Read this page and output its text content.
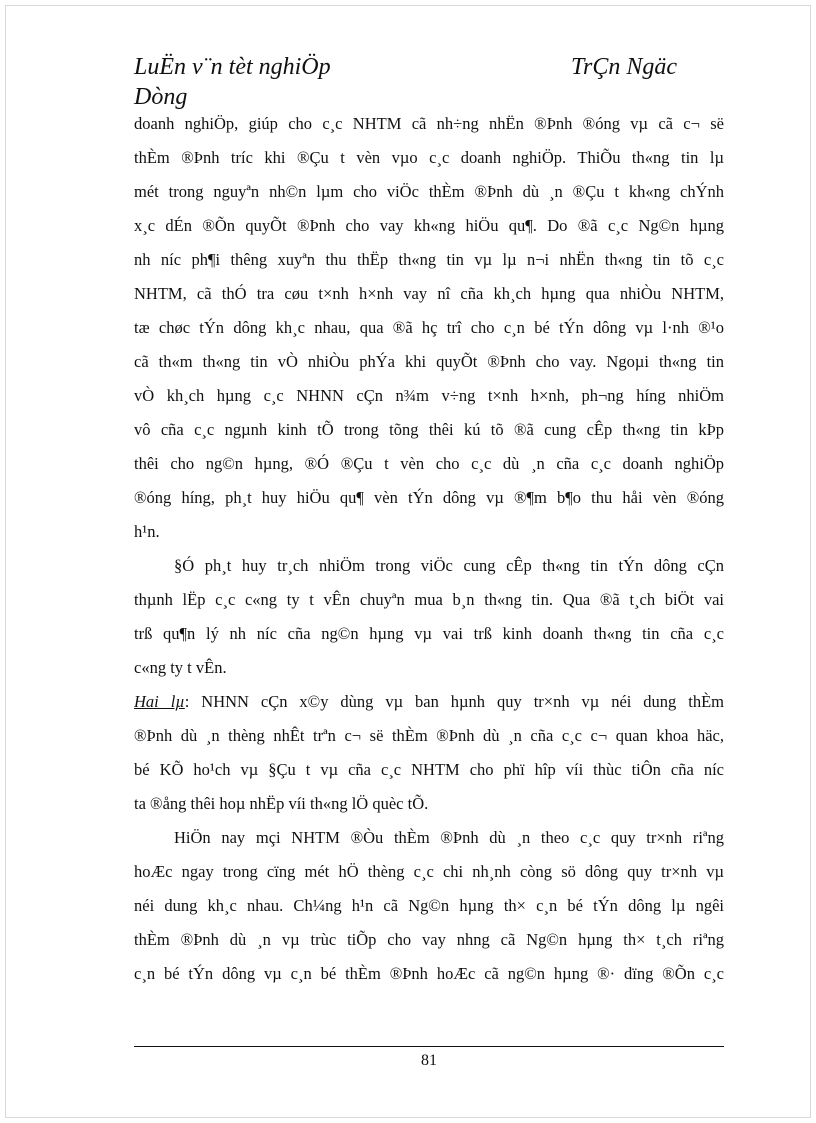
LuËn v¨n tèt nghiÖp	TrÇn Ngäc
Dòng
doanh nghiÖp, giúp cho c¸c NHTM cã nh÷ng nhËn ®Þnh ®óng vµ cã c¬ së
thÈm ®Þnh tríc khi ®Çu t vèn vµo c¸c doanh nghiÖp. ThiÕu th«ng tin lµ
mét trong nguyªn nh©n lµm cho viÖc thÈm ®Þnh dù ¸n ®Çu t kh«ng chÝnh
x¸c dÉn ®Õn quyÕt ®Þnh cho vay kh«ng hiÖu qu¶. Do ®ã c¸c Ng©n hµng
nh níc ph¶i thêng xuyªn thu thËp th«ng tin vµ lµ n¬i nhËn th«ng tin tõ c¸c
NHTM, cã thÓ tra cøu t×nh h×nh vay nî cña kh¸ch hµng qua nhiÒu NHTM,
tæ chøc tÝn dông kh¸c nhau, qua ®ã hç trî cho c¸n bé tÝn dông vµ l·nh ®¹o
cã th«m th«ng tin vÒ nhiÒu phÝa khi quyÕt ®Þnh cho vay. Ngoµi th«ng tin
vÒ kh¸ch hµng c¸c NHNN cÇn n¾m v÷ng t×nh h×nh, ph¬ng híng nhiÖm
vô cña c¸c ngµnh kinh tÕ trong tõng thêi kú tõ ®ã cung cÊp th«ng tin kÞp
thêi cho ng©n hµng, ®Ó ®Çu t vèn cho c¸c dù ¸n cña c¸c doanh nghiÖp
®óng híng, ph¸t huy hiÖu qu¶ vèn tÝn dông vµ ®¶m b¶o thu håi vèn ®óng
h¹n.
§Ó ph¸t huy tr¸ch nhiÖm trong viÖc cung cÊp th«ng tin tÝn dông cÇn
thµnh lËp c¸c c«ng ty t vÊn chuyªn mua b¸n th«ng tin. Qua ®ã t¸ch biÖt vai
trß qu¶n lý nh níc cña ng©n hµng vµ vai trß kinh doanh th«ng tin cña c¸c
c«ng ty t vÊn.
Hai lµ: NHNN cÇn x©y dùng vµ ban hµnh quy tr×nh vµ néi dung thÈm
®Þnh dù ¸n thèng nhÊt trªn c¬ së thÈm ®Þnh dù ¸n cña c¸c c¬ quan khoa häc,
bé KÕ ho¹ch vµ §Çu t vµ cña c¸c NHTM cho phï hîp víi thùc tiÔn cña níc
ta ®ång thêi hoµ nhËp víi th«ng lÖ quèc tÕ.
HiÖn nay mçi NHTM ®Òu thÈm ®Þnh dù ¸n theo c¸c quy tr×nh riªng
hoÆc ngay trong cïng mét hÖ thèng c¸c chi nh¸nh còng sö dông quy tr×nh vµ
néi dung kh¸c nhau. Ch¼ng h¹n cã Ng©n hµng th× c¸n bé tÝn dông lµ ngêi
thÈm ®Þnh dù ¸n vµ trùc tiÕp cho vay nhng cã Ng©n hµng th× t¸ch riªng
c¸n bé tÝn dông vµ c¸n bé thÈm ®Þnh hoÆc cã ng©n hµng ®· dïng ®Õn c¸c
81
